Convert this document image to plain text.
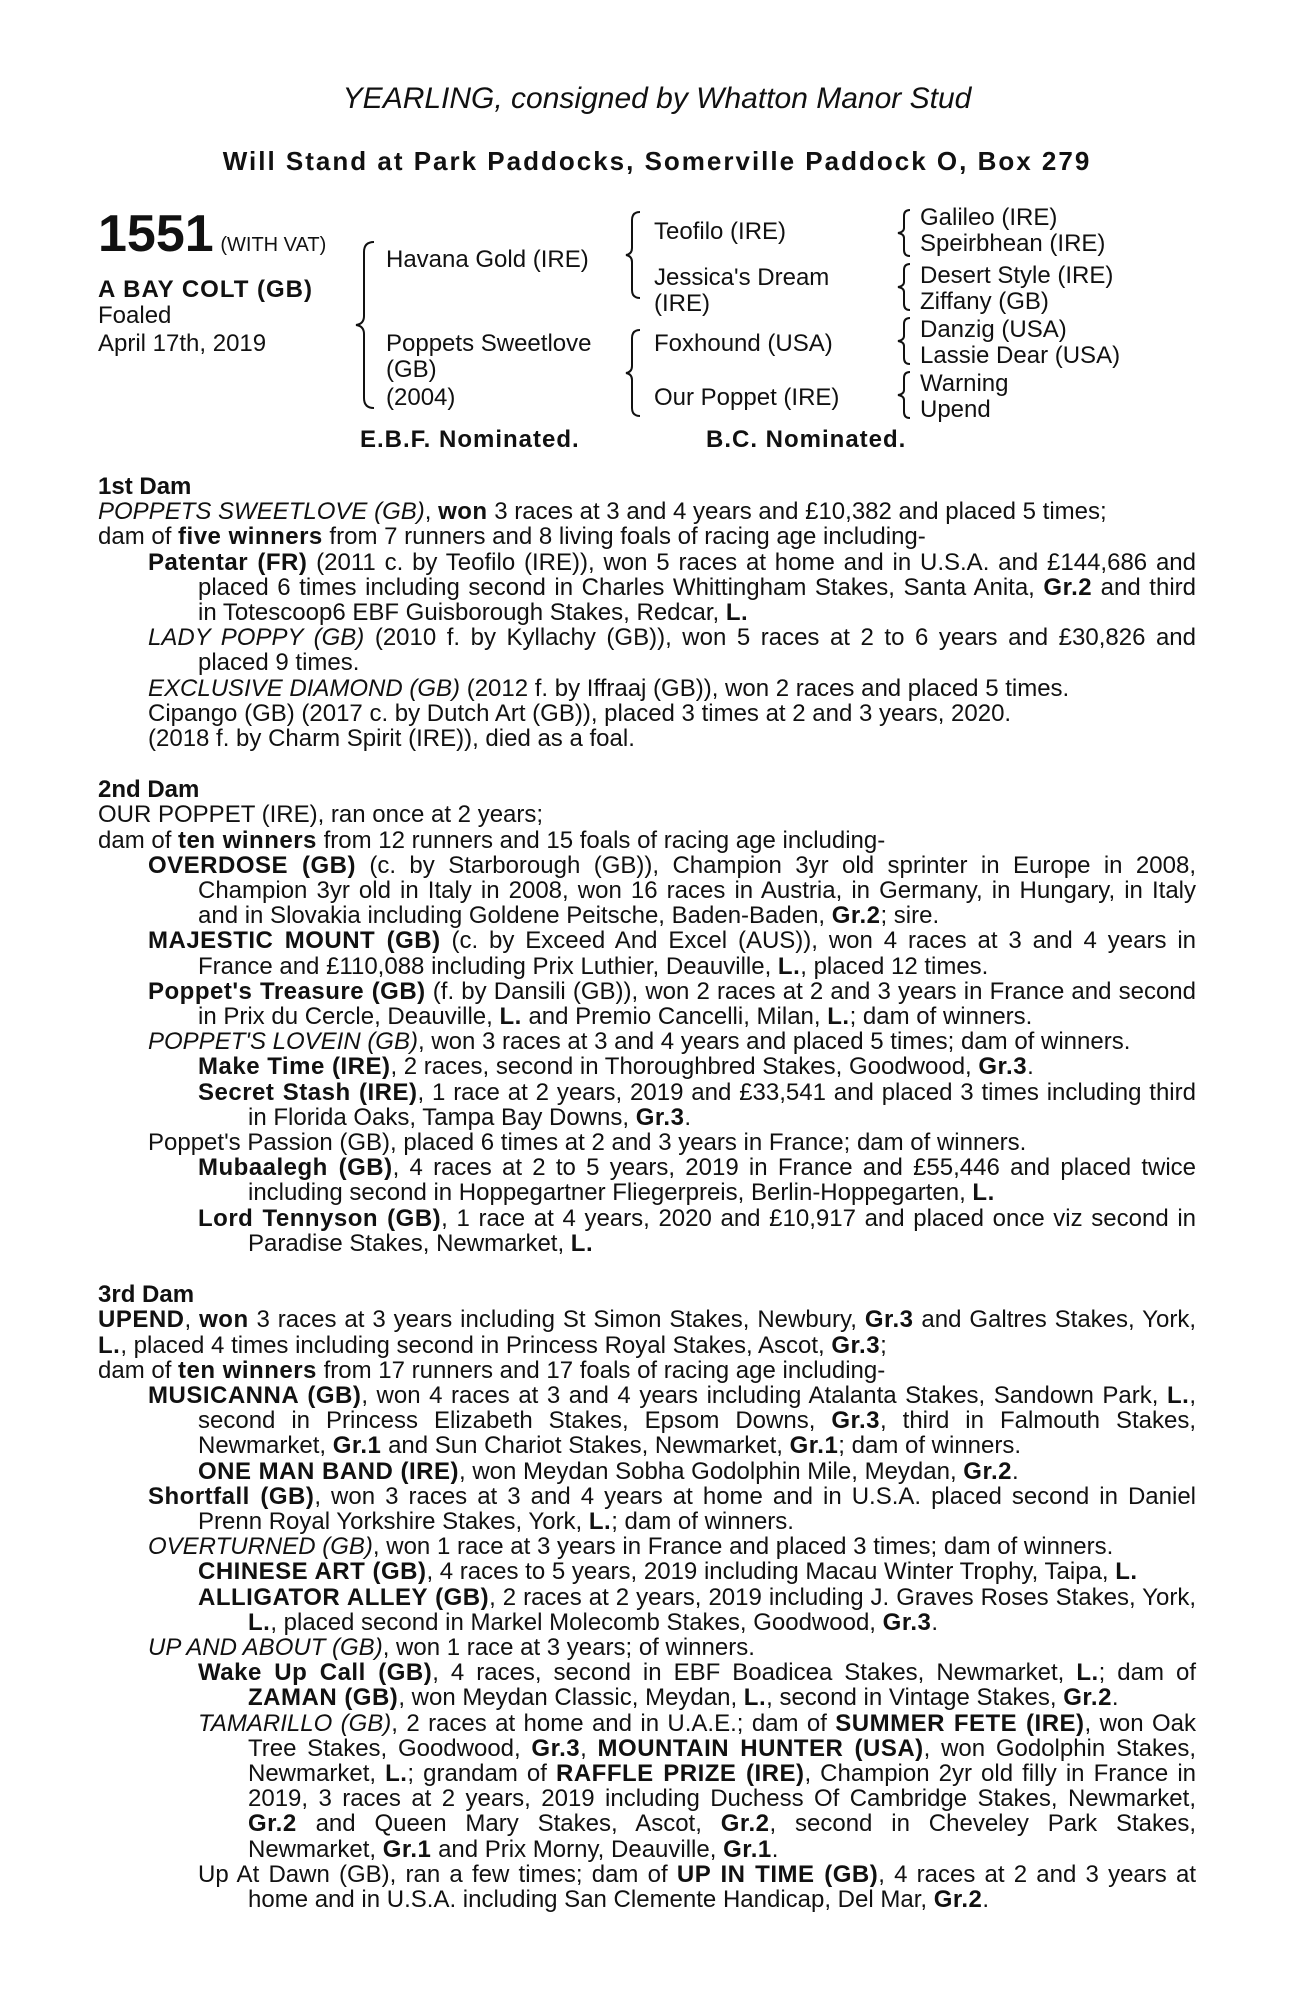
YEARLING, consigned by Whatton Manor Stud
Will Stand at Park Paddocks, Somerville Paddock O, Box 279
1551 (WITH VAT)
A BAY COLT (GB)
Foaled
April 17th, 2019
Havana Gold (IRE)
Poppets Sweetlove
(GB)
(2004)
Teofilo (IRE)
Jessica's Dream
(IRE)
Foxhound (USA)
Our Poppet (IRE)
Galileo (IRE)
Speirbhean (IRE)
Desert Style (IRE)
Ziffany (GB)
Danzig (USA)
Lassie Dear (USA)
Warning
Upend
E.B.F. Nominated.	B.C. Nominated.
1st Dam
POPPETS SWEETLOVE (GB), won 3 races at 3 and 4 years and £10,382 and placed 5 times;
dam of five winners from 7 runners and 8 living foals of racing age including-
Patentar (FR) (2011 c. by Teofilo (IRE)), won 5 races at home and in U.S.A. and £144,686 and placed 6 times including second in Charles Whittingham Stakes, Santa Anita, Gr.2 and third in Totescoop6 EBF Guisborough Stakes, Redcar, L.
LADY POPPY (GB) (2010 f. by Kyllachy (GB)), won 5 races at 2 to 6 years and £30,826 and placed 9 times.
EXCLUSIVE DIAMOND (GB) (2012 f. by Iffraaj (GB)), won 2 races and placed 5 times.
Cipango (GB) (2017 c. by Dutch Art (GB)), placed 3 times at 2 and 3 years, 2020.
(2018 f. by Charm Spirit (IRE)), died as a foal.
2nd Dam
OUR POPPET (IRE), ran once at 2 years;
dam of ten winners from 12 runners and 15 foals of racing age including-
OVERDOSE (GB) (c. by Starborough (GB)), Champion 3yr old sprinter in Europe in 2008, Champion 3yr old in Italy in 2008, won 16 races in Austria, in Germany, in Hungary, in Italy and in Slovakia including Goldene Peitsche, Baden-Baden, Gr.2; sire.
MAJESTIC MOUNT (GB) (c. by Exceed And Excel (AUS)), won 4 races at 3 and 4 years in France and £110,088 including Prix Luthier, Deauville, L., placed 12 times.
Poppet's Treasure (GB) (f. by Dansili (GB)), won 2 races at 2 and 3 years in France and second in Prix du Cercle, Deauville, L. and Premio Cancelli, Milan, L.; dam of winners.
POPPET'S LOVEIN (GB), won 3 races at 3 and 4 years and placed 5 times; dam of winners.
Make Time (IRE), 2 races, second in Thoroughbred Stakes, Goodwood, Gr.3.
Secret Stash (IRE), 1 race at 2 years, 2019 and £33,541 and placed 3 times including third in Florida Oaks, Tampa Bay Downs, Gr.3.
Poppet's Passion (GB), placed 6 times at 2 and 3 years in France; dam of winners.
Mubaalegh (GB), 4 races at 2 to 5 years, 2019 in France and £55,446 and placed twice including second in Hoppegartner Fliegerpreis, Berlin-Hoppegarten, L.
Lord Tennyson (GB), 1 race at 4 years, 2020 and £10,917 and placed once viz second in Paradise Stakes, Newmarket, L.
3rd Dam
UPEND, won 3 races at 3 years including St Simon Stakes, Newbury, Gr.3 and Galtres Stakes, York, L., placed 4 times including second in Princess Royal Stakes, Ascot, Gr.3;
dam of ten winners from 17 runners and 17 foals of racing age including-
MUSICANNA (GB), won 4 races at 3 and 4 years including Atalanta Stakes, Sandown Park, L., second in Princess Elizabeth Stakes, Epsom Downs, Gr.3, third in Falmouth Stakes, Newmarket, Gr.1 and Sun Chariot Stakes, Newmarket, Gr.1; dam of winners.
ONE MAN BAND (IRE), won Meydan Sobha Godolphin Mile, Meydan, Gr.2.
Shortfall (GB), won 3 races at 3 and 4 years at home and in U.S.A. placed second in Daniel Prenn Royal Yorkshire Stakes, York, L.; dam of winners.
OVERTURNED (GB), won 1 race at 3 years in France and placed 3 times; dam of winners.
CHINESE ART (GB), 4 races to 5 years, 2019 including Macau Winter Trophy, Taipa, L.
ALLIGATOR ALLEY (GB), 2 races at 2 years, 2019 including J. Graves Roses Stakes, York, L., placed second in Markel Molecomb Stakes, Goodwood, Gr.3.
UP AND ABOUT (GB), won 1 race at 3 years; of winners.
Wake Up Call (GB), 4 races, second in EBF Boadicea Stakes, Newmarket, L.; dam of ZAMAN (GB), won Meydan Classic, Meydan, L., second in Vintage Stakes, Gr.2.
TAMARILLO (GB), 2 races at home and in U.A.E.; dam of SUMMER FETE (IRE), won Oak Tree Stakes, Goodwood, Gr.3, MOUNTAIN HUNTER (USA), won Godolphin Stakes, Newmarket, L.; grandam of RAFFLE PRIZE (IRE), Champion 2yr old filly in France in 2019, 3 races at 2 years, 2019 including Duchess Of Cambridge Stakes, Newmarket, Gr.2 and Queen Mary Stakes, Ascot, Gr.2, second in Cheveley Park Stakes, Newmarket, Gr.1 and Prix Morny, Deauville, Gr.1.
Up At Dawn (GB), ran a few times; dam of UP IN TIME (GB), 4 races at 2 and 3 years at home and in U.S.A. including San Clemente Handicap, Del Mar, Gr.2.
